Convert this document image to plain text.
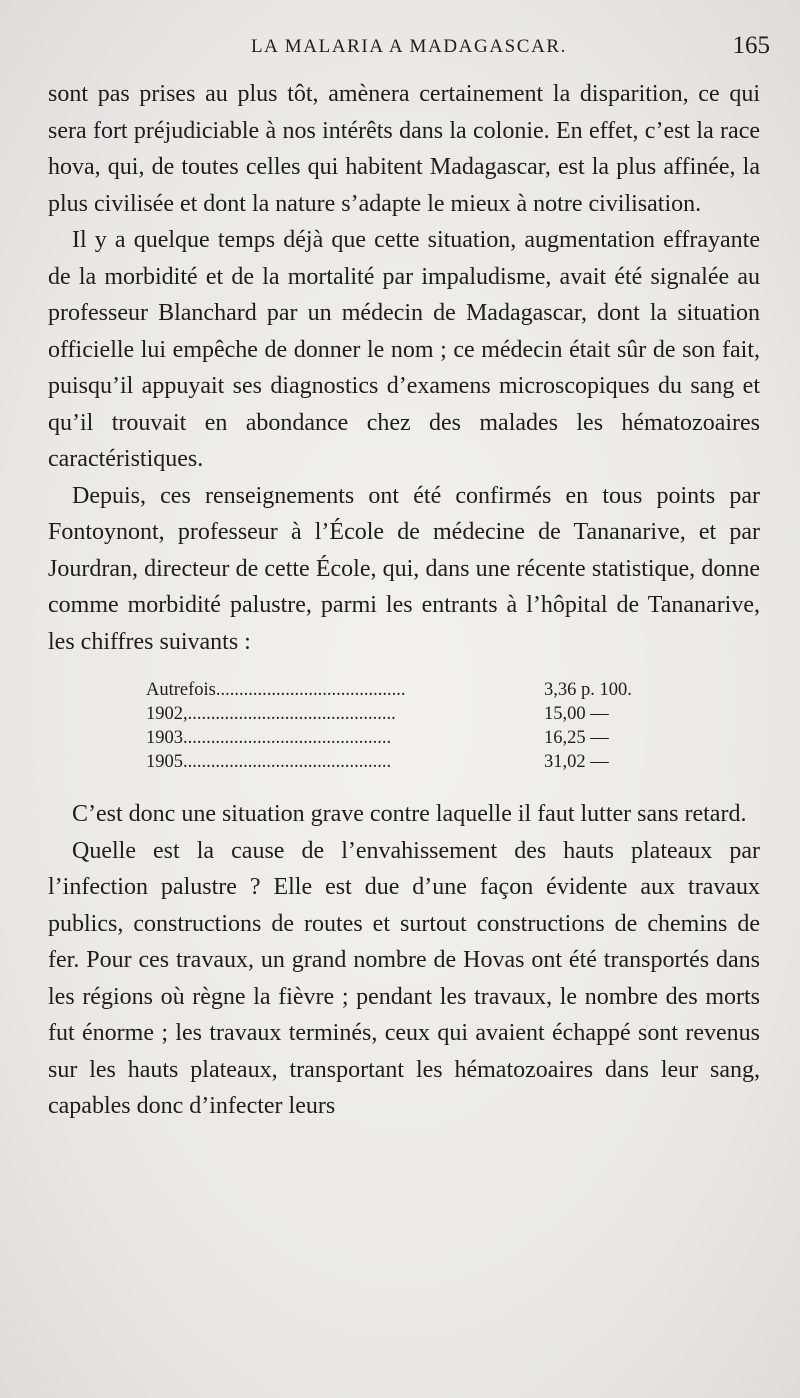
LA MALARIA A MADAGASCAR.	165

sont pas prises au plus tôt, amènera certainement la disparition, ce qui sera fort préjudiciable à nos intérêts dans la colonie. En effet, c’est la race hova, qui, de toutes celles qui habitent Madagascar, est la plus affinée, la plus civilisée et dont la nature s’adapte le mieux à notre civilisation.

Il y a quelque temps déjà que cette situation, augmentation effrayante de la morbidité et de la mortalité par impaludisme, avait été signalée au professeur Blanchard par un médecin de Madagascar, dont la situation officielle lui empêche de donner le nom ; ce médecin était sûr de son fait, puisqu’il appuyait ses diagnostics d’examens microscopiques du sang et qu’il trouvait en abondance chez des malades les hématozoaires caractéristiques.

Depuis, ces renseignements ont été confirmés en tous points par Fontoynont, professeur à l’École de médecine de Tananarive, et par Jourdran, directeur de cette École, qui, dans une récente statistique, donne comme morbidité palustre, parmi les entrants à l’hôpital de Tananarive, les chiffres suivants :

Autrefois.........................................	3,36 p. 100.
1902,.............................................	15,00 —
1903.............................................	16,25 —
1905.............................................	31,02 —

C’est donc une situation grave contre laquelle il faut lutter sans retard.

Quelle est la cause de l’envahissement des hauts plateaux par l’infection palustre ? Elle est due d’une façon évidente aux travaux publics, constructions de routes et surtout constructions de chemins de fer. Pour ces travaux, un grand nombre de Hovas ont été transportés dans les régions où règne la fièvre ; pendant les travaux, le nombre des morts fut énorme ; les travaux terminés, ceux qui avaient échappé sont revenus sur les hauts plateaux, transportant les hématozoaires dans leur sang, capables donc d’infecter leurs
